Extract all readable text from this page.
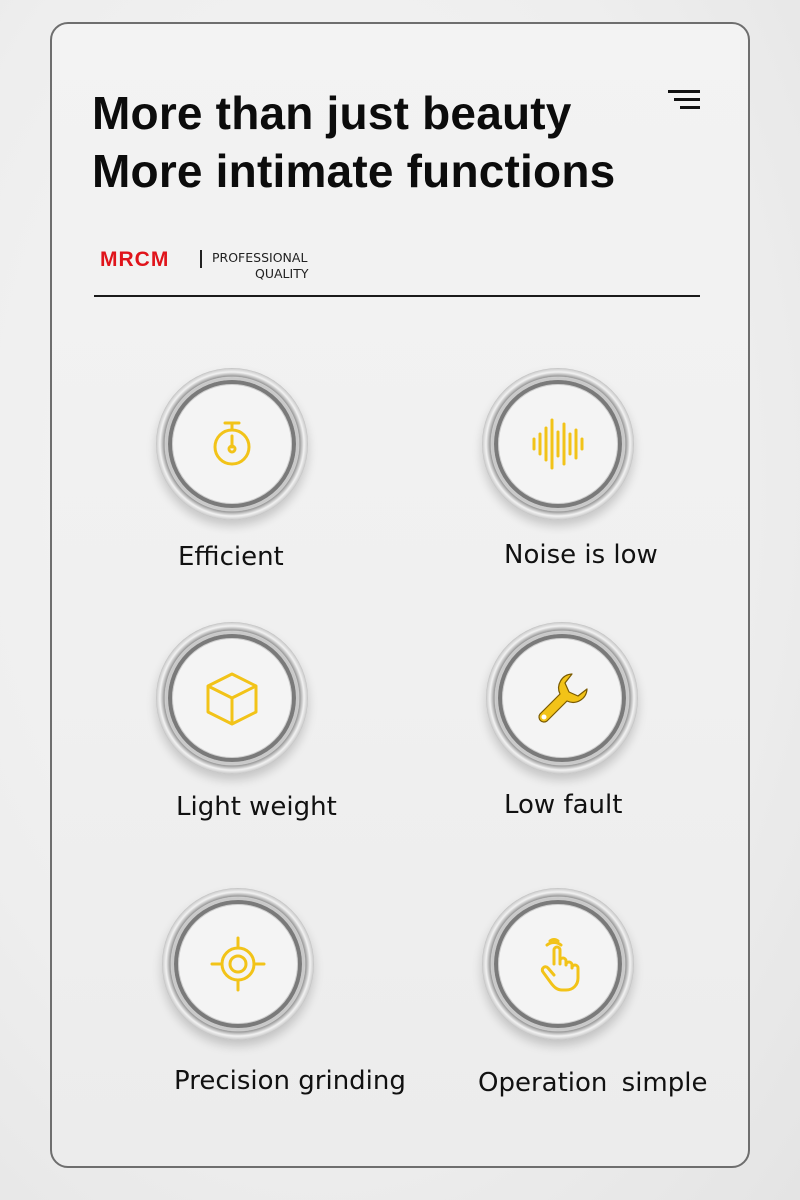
More than just beauty
More intimate functions
MRCM	PROFESSIONAL
QUALITY
Efficient	Noise is low
Light weight	Low fault
Precision grinding	Operation simple
